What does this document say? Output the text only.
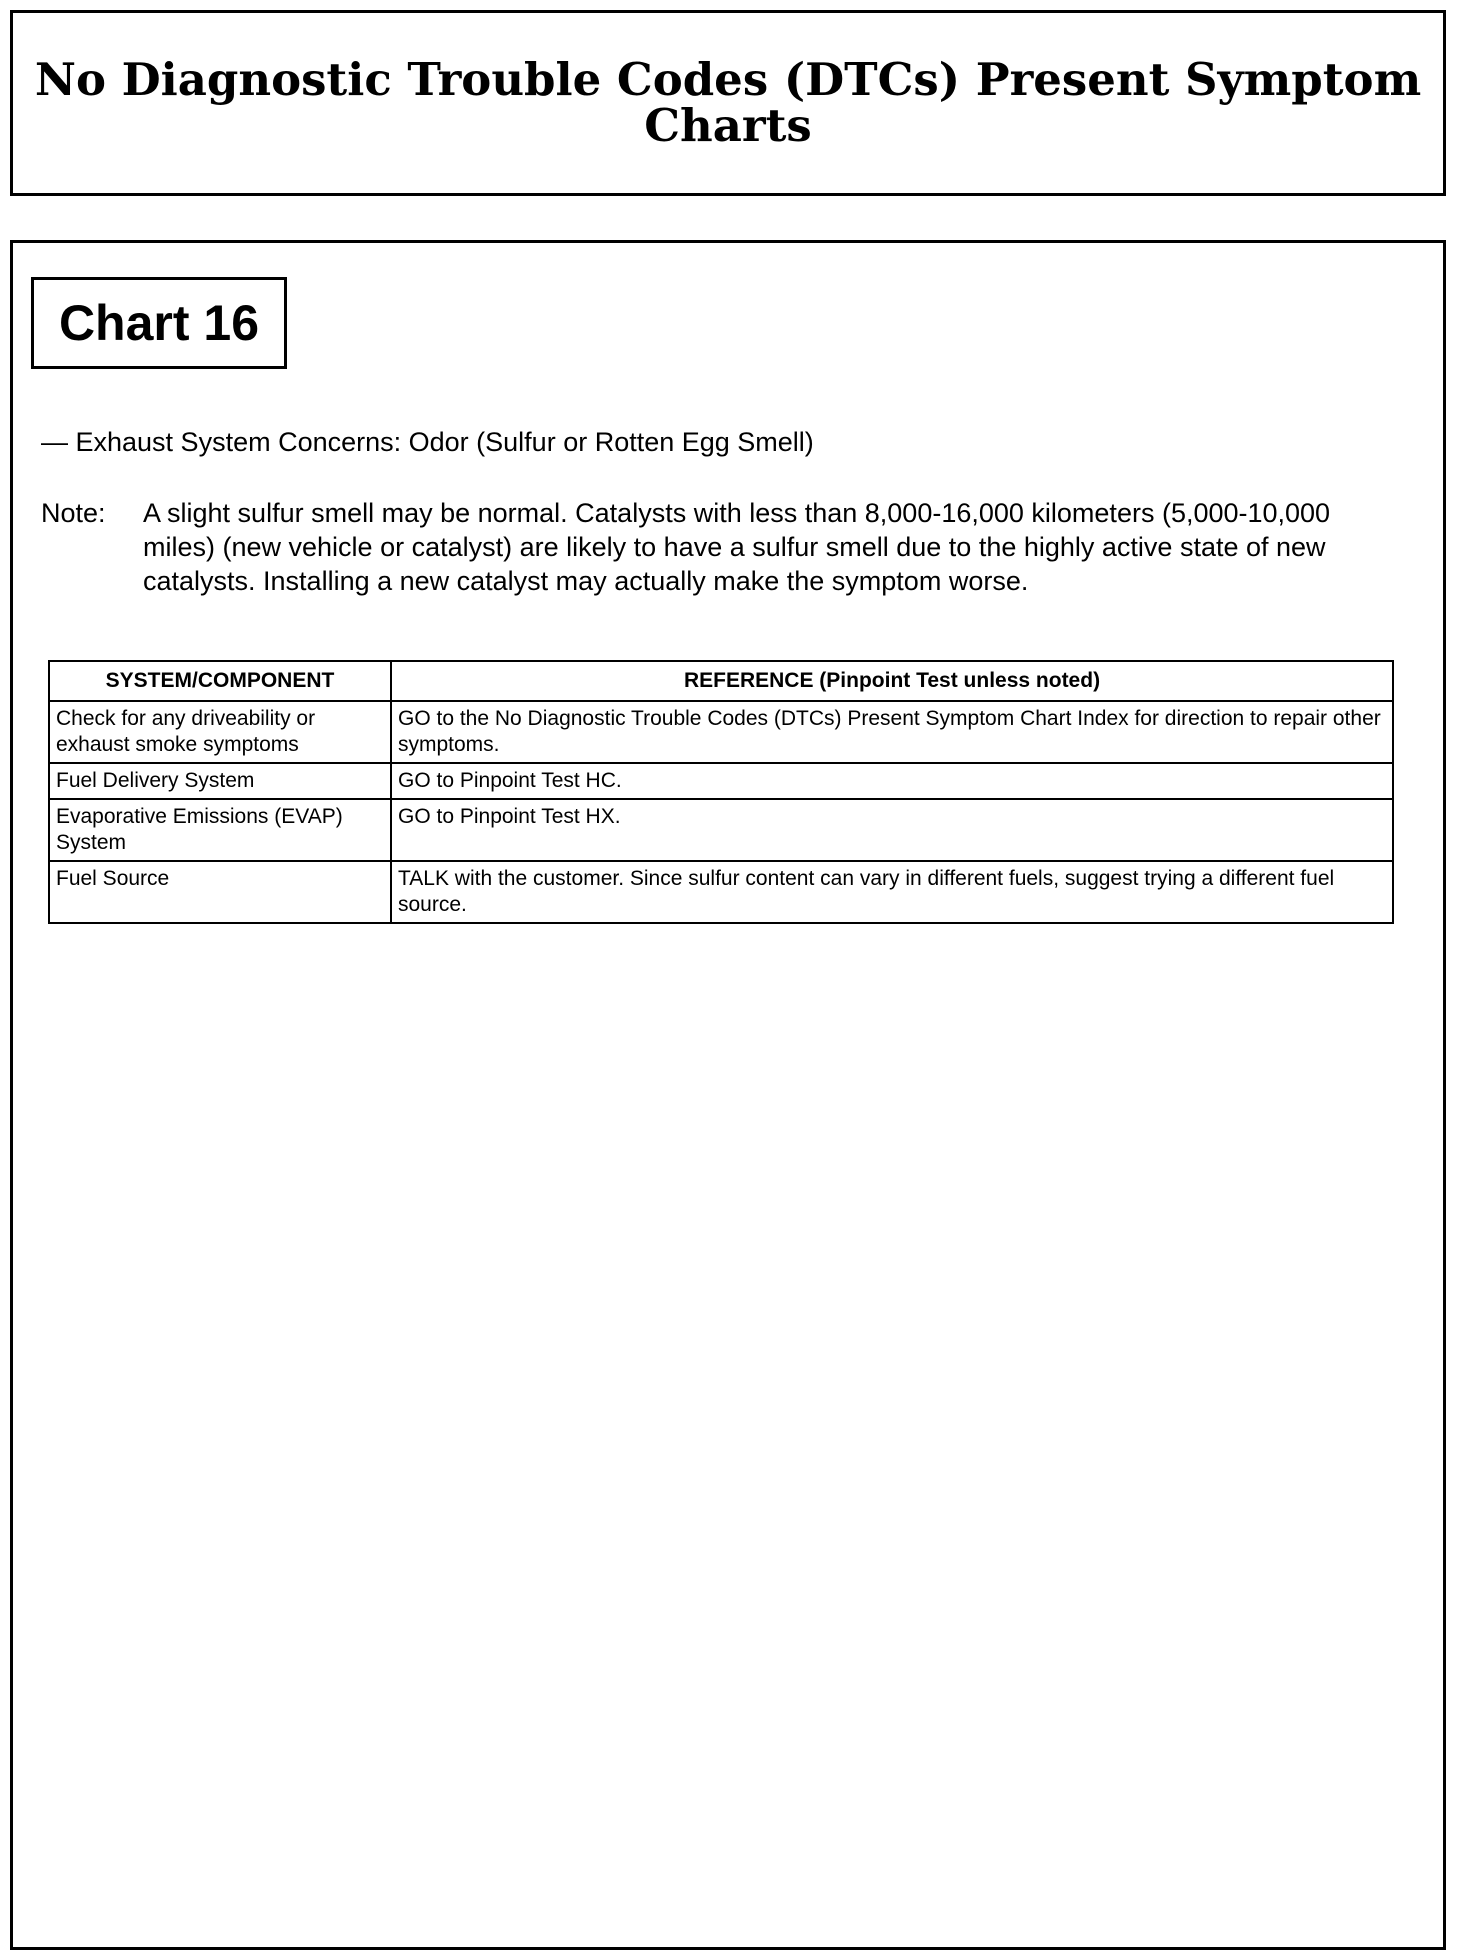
No Diagnostic Trouble Codes (DTCs) Present Symptom
Charts
Chart 16
— Exhaust System Concerns: Odor (Sulfur or Rotten Egg Smell)
Note:	A slight sulfur smell may be normal. Catalysts with less than 8,000-16,000 kilometers (5,000-10,000 miles) (new vehicle or catalyst) are likely to have a sulfur smell due to the highly active state of new catalysts. Installing a new catalyst may actually make the symptom worse.
SYSTEM/COMPONENT	REFERENCE (Pinpoint Test unless noted)
Check for any driveability or exhaust smoke symptoms	GO to the No Diagnostic Trouble Codes (DTCs) Present Symptom Chart Index for direction to repair other symptoms.
Fuel Delivery System	GO to Pinpoint Test HC.
Evaporative Emissions (EVAP) System	GO to Pinpoint Test HX.
Fuel Source	TALK with the customer. Since sulfur content can vary in different fuels, suggest trying a different fuel source.
